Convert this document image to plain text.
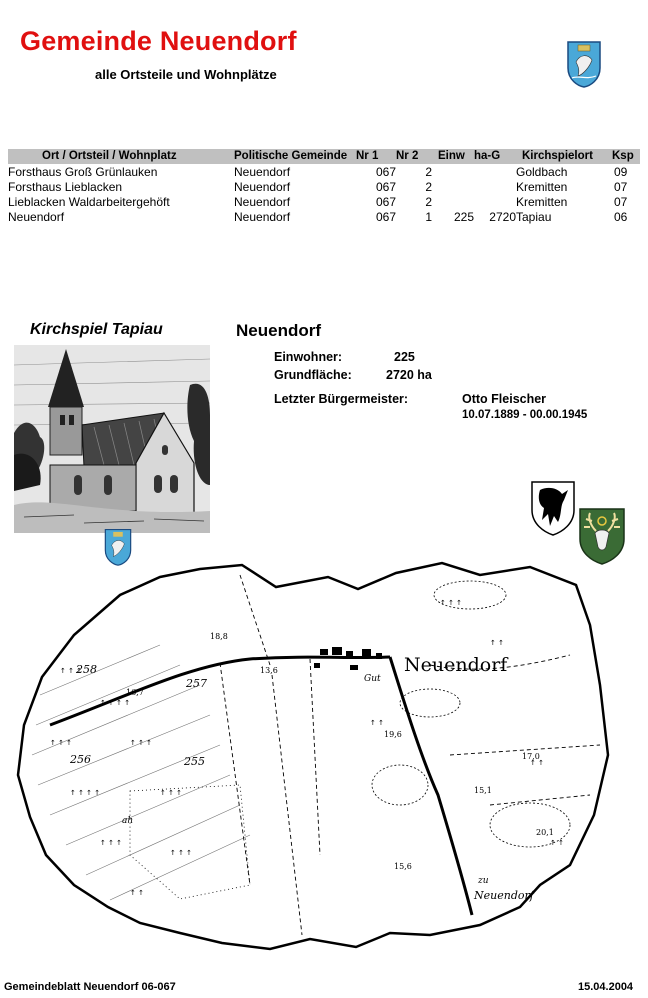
Gemeinde Neuendorf
alle Ortsteile und Wohnplätze
Ort / Ortsteil / Wohnplatz	Politische Gemeinde	Nr 1	Nr 2	Einw	ha-G	Kirchspielort	Ksp
Forsthaus Groß Grünlauken	Neuendorf	067	2			Goldbach	09
Forsthaus Lieblacken	Neuendorf	067	2			Kremitten	07
Lieblacken Waldarbeitergehöft	Neuendorf	067	2			Kremitten	07
Neuendorf	Neuendorf	067	1	225	2720	Tapiau	06
Kirchspiel Tapiau	Neuendorf
Einwohner:	225
Grundfläche:	2720 ha
Letzter Bürgermeister:	Otto Fleischer
10.07.1889 - 00.00.1945
↑ ↑ ↑
↑ ↑ ↑ ↑
↑ ↑ ↑	↑ ↑ ↑
↑ ↑ ↑ ↑	↑ ↑ ↑
↑ ↑ ↑
↑ ↑ ↑
↑ ↑
↑ ↑
↑ ↑
↑ ↑
↑ ↑
↑ ↑ ↑
Neuendorf
258
257
256	255
18,8
13,6
16,7
19,6
17,0
15,1
20,1
15,6
Gut
zu
Neuendorf
ah
Gemeindeblatt Neuendorf 06-067	15.04.2004
